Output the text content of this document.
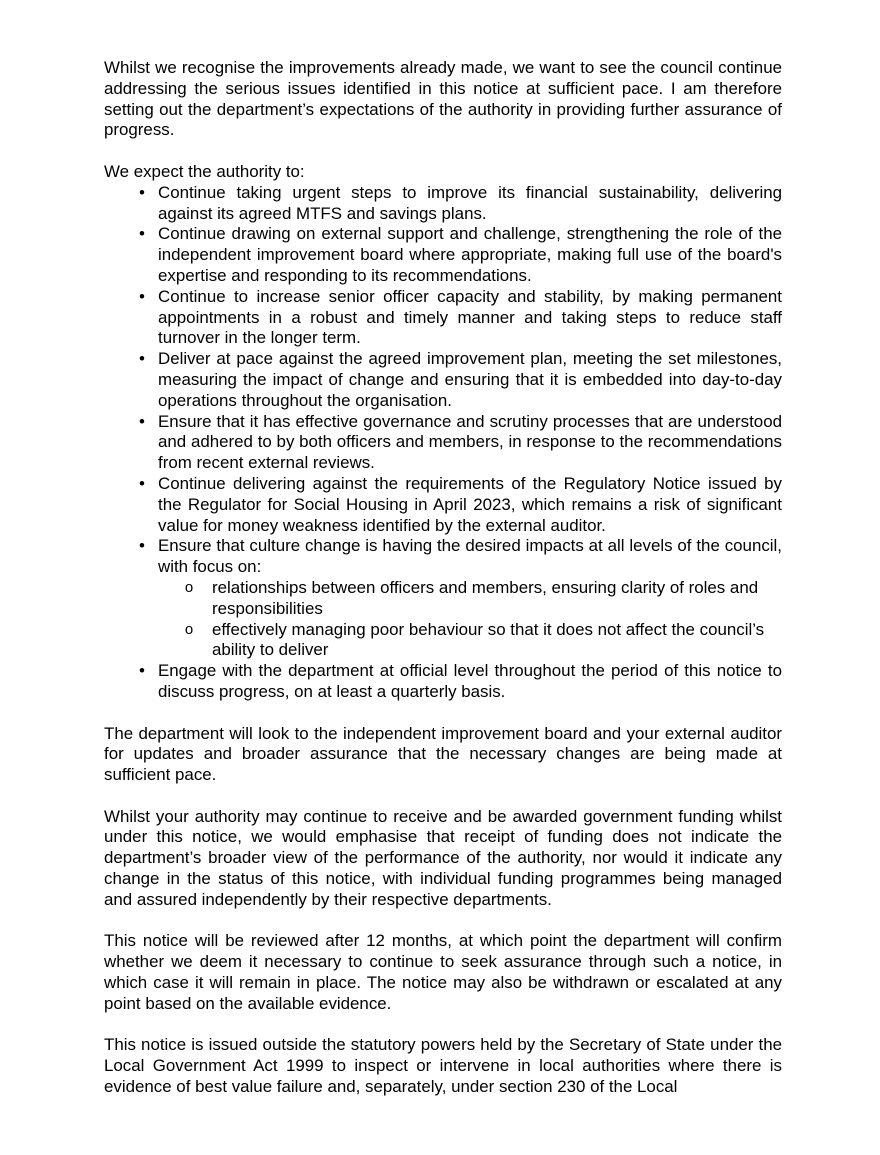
Whilst we recognise the improvements already made, we want to see the council continue addressing the serious issues identified in this notice at sufficient pace. I am therefore setting out the department’s expectations of the authority in providing further assurance of progress.

We expect the authority to:

• Continue taking urgent steps to improve its financial sustainability, delivering against its agreed MTFS and savings plans.
• Continue drawing on external support and challenge, strengthening the role of the independent improvement board where appropriate, making full use of the board's expertise and responding to its recommendations.
• Continue to increase senior officer capacity and stability, by making permanent appointments in a robust and timely manner and taking steps to reduce staff turnover in the longer term.
• Deliver at pace against the agreed improvement plan, meeting the set milestones, measuring the impact of change and ensuring that it is embedded into day-to-day operations throughout the organisation.
• Ensure that it has effective governance and scrutiny processes that are understood and adhered to by both officers and members, in response to the recommendations from recent external reviews.
• Continue delivering against the requirements of the Regulatory Notice issued by the Regulator for Social Housing in April 2023, which remains a risk of significant value for money weakness identified by the external auditor.
• Ensure that culture change is having the desired impacts at all levels of the council, with focus on:
o relationships between officers and members, ensuring clarity of roles and responsibilities
o effectively managing poor behaviour so that it does not affect the council’s ability to deliver
• Engage with the department at official level throughout the period of this notice to discuss progress, on at least a quarterly basis.

The department will look to the independent improvement board and your external auditor for updates and broader assurance that the necessary changes are being made at sufficient pace.

Whilst your authority may continue to receive and be awarded government funding whilst under this notice, we would emphasise that receipt of funding does not indicate the department’s broader view of the performance of the authority, nor would it indicate any change in the status of this notice, with individual funding programmes being managed and assured independently by their respective departments.

This notice will be reviewed after 12 months, at which point the department will confirm whether we deem it necessary to continue to seek assurance through such a notice, in which case it will remain in place. The notice may also be withdrawn or escalated at any point based on the available evidence.

This notice is issued outside the statutory powers held by the Secretary of State under the Local Government Act 1999 to inspect or intervene in local authorities where there is evidence of best value failure and, separately, under section 230 of the Local
